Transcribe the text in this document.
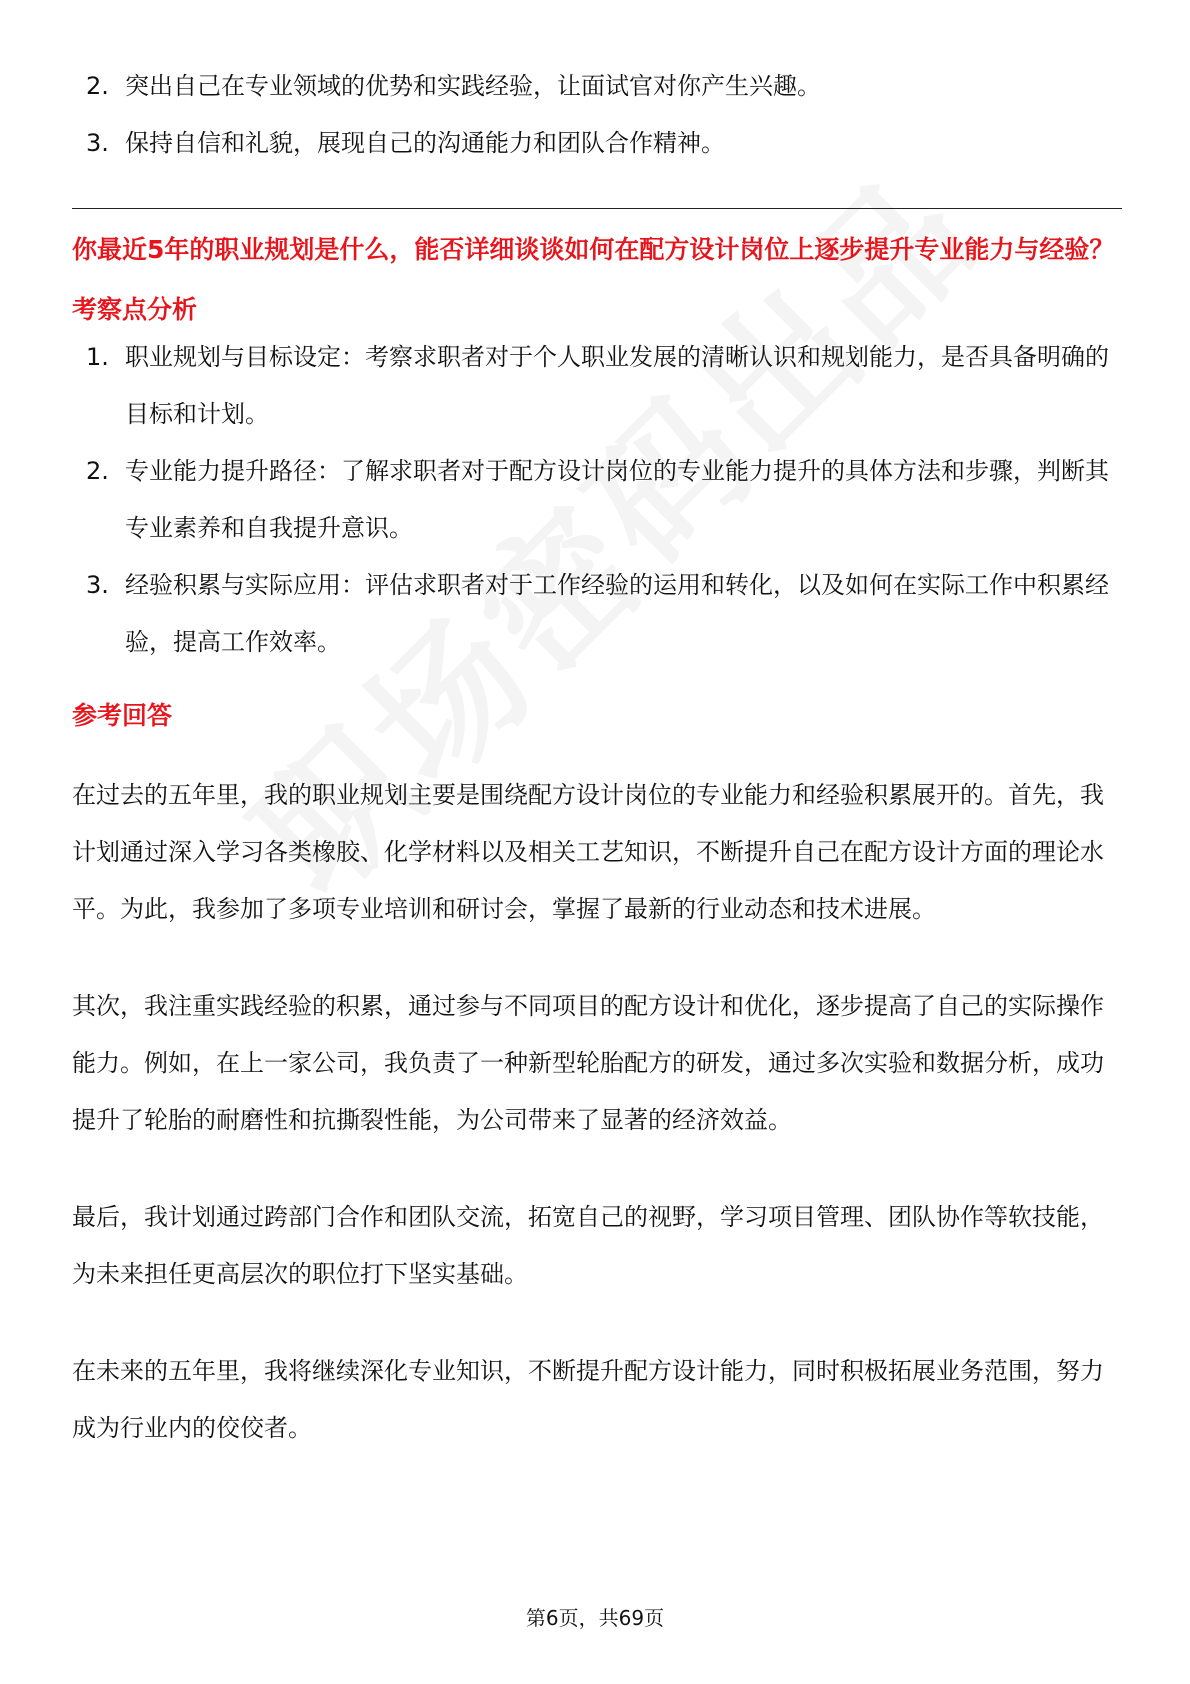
2. 突出自己在专业领域的优势和实践经验，让面试官对你产生兴趣。
3. 保持自信和礼貌，展现自己的沟通能力和团队合作精神。
你最近5年的职业规划是什么，能否详细谈谈如何在配方设计岗位上逐步提升专业能力与经验？
考察点分析
1. 职业规划与目标设定：考察求职者对于个人职业发展的清晰认识和规划能力，是否具备明确的目标和计划。
2. 专业能力提升路径：了解求职者对于配方设计岗位的专业能力提升的具体方法和步骤，判断其专业素养和自我提升意识。
3. 经验积累与实际应用：评估求职者对于工作经验的运用和转化，以及如何在实际工作中积累经验，提高工作效率。
参考回答

在过去的五年里，我的职业规划主要是围绕配方设计岗位的专业能力和经验积累展开的。首先，我计划通过深入学习各类橡胶、化学材料以及相关工艺知识，不断提升自己在配方设计方面的理论水平。为此，我参加了多项专业培训和研讨会，掌握了最新的行业动态和技术进展。

其次，我注重实践经验的积累，通过参与不同项目的配方设计和优化，逐步提高了自己的实际操作能力。例如，在上一家公司，我负责了一种新型轮胎配方的研发，通过多次实验和数据分析，成功提升了轮胎的耐磨性和抗撕裂性能，为公司带来了显著的经济效益。

最后，我计划通过跨部门合作和团队交流，拓宽自己的视野，学习项目管理、团队协作等软技能，为未来担任更高层次的职位打下坚实基础。

在未来的五年里，我将继续深化专业知识，不断提升配方设计能力，同时积极拓展业务范围，努力成为行业内的佼佼者。

第6页，共69页
